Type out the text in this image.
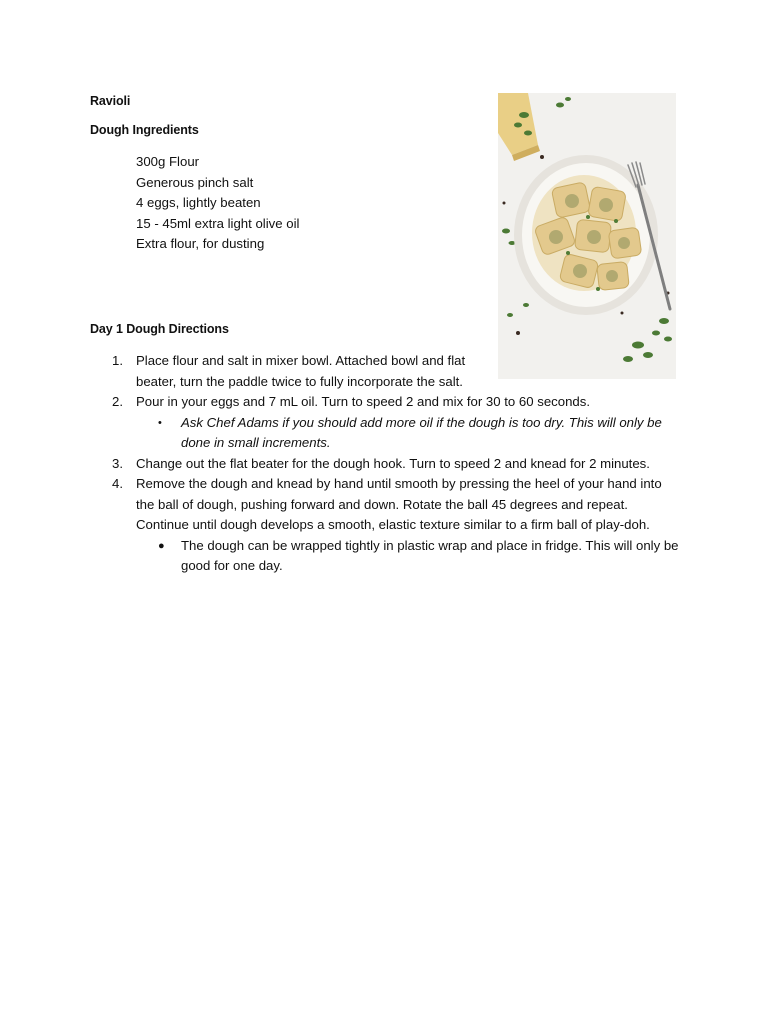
Ravioli
Dough Ingredients
300g Flour
Generous pinch salt
4 eggs, lightly beaten
15 - 45ml extra light olive oil
Extra flour, for dusting
Day 1 Dough Directions
1. Place flour and salt in mixer bowl. Attached bowl and flat beater, turn the paddle twice to fully incorporate the salt.
2. Pour in your eggs and 7 mL oil. Turn to speed 2 and mix for 30 to 60 seconds.
• Ask Chef Adams if you should add more oil if the dough is too dry. This will only be done in small increments.
3. Change out the flat beater for the dough hook. Turn to speed 2 and knead for 2 minutes.
4. Remove the dough and knead by hand until smooth by pressing the heel of your hand into the ball of dough, pushing forward and down. Rotate the ball 45 degrees and repeat. Continue until dough develops a smooth, elastic texture similar to a firm ball of play-doh.
● The dough can be wrapped tightly in plastic wrap and place in fridge. This will only be good for one day.
